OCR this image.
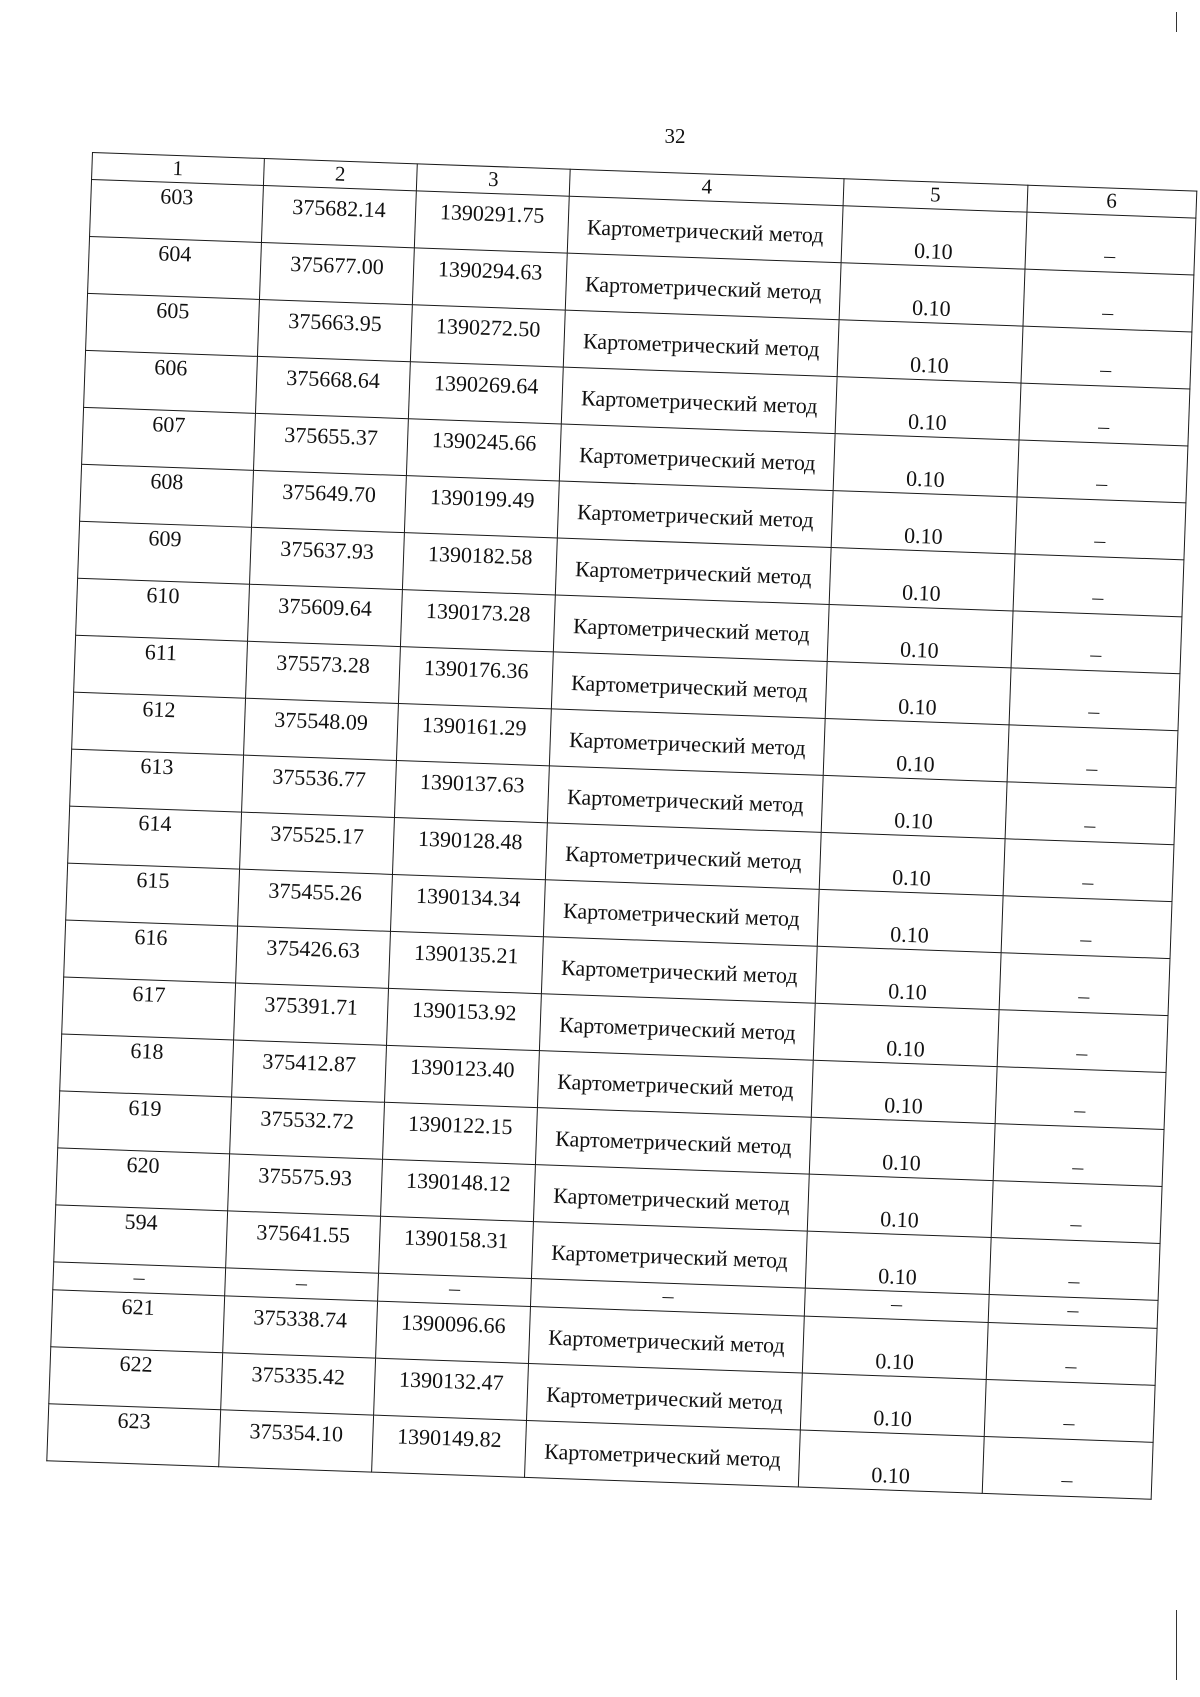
32
1	2	3	4	5	6
603	375682.14	1390291.75	Картометрический метод	0.10	–
604	375677.00	1390294.63	Картометрический метод	0.10	–
605	375663.95	1390272.50	Картометрический метод	0.10	–
606	375668.64	1390269.64	Картометрический метод	0.10	–
607	375655.37	1390245.66	Картометрический метод	0.10	–
608	375649.70	1390199.49	Картометрический метод	0.10	–
609	375637.93	1390182.58	Картометрический метод	0.10	–
610	375609.64	1390173.28	Картометрический метод	0.10	–
611	375573.28	1390176.36	Картометрический метод	0.10	–
612	375548.09	1390161.29	Картометрический метод	0.10	–
613	375536.77	1390137.63	Картометрический метод	0.10	–
614	375525.17	1390128.48	Картометрический метод	0.10	–
615	375455.26	1390134.34	Картометрический метод	0.10	–
616	375426.63	1390135.21	Картометрический метод	0.10	–
617	375391.71	1390153.92	Картометрический метод	0.10	–
618	375412.87	1390123.40	Картометрический метод	0.10	–
619	375532.72	1390122.15	Картометрический метод	0.10	–
620	375575.93	1390148.12	Картометрический метод	0.10	–
594	375641.55	1390158.31	Картометрический метод	0.10	–
–	–	–	–	–	–
621	375338.74	1390096.66	Картометрический метод	0.10	–
622	375335.42	1390132.47	Картометрический метод	0.10	–
623	375354.10	1390149.82	Картометрический метод	0.10	–
